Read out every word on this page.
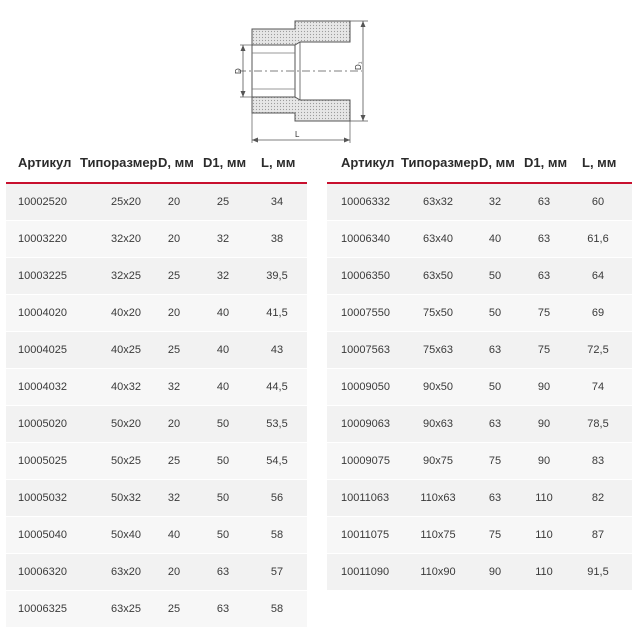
D
D₁
L
Артикул Типоразмер D, мм D1, мм L, мм
10002520	25x20	20	25	34
10003220	32x20	20	32	38
10003225	32x25	25	32	39,5
10004020	40x20	20	40	41,5
10004025	40x25	25	40	43
10004032	40x32	32	40	44,5
10005020	50x20	20	50	53,5
10005025	50x25	25	50	54,5
10005032	50x32	32	50	56
10005040	50x40	40	50	58
10006320	63x20	20	63	57
10006325	63x25	25	63	58
Артикул Типоразмер D, мм D1, мм L, мм
10006332	63x32	32	63	60
10006340	63x40	40	63	61,6
10006350	63x50	50	63	64
10007550	75x50	50	75	69
10007563	75x63	63	75	72,5
10009050	90x50	50	90	74
10009063	90x63	63	90	78,5
10009075	90x75	75	90	83
10011063	110x63	63	110	82
10011075	110x75	75	110	87
10011090	110x90	90	110	91,5
